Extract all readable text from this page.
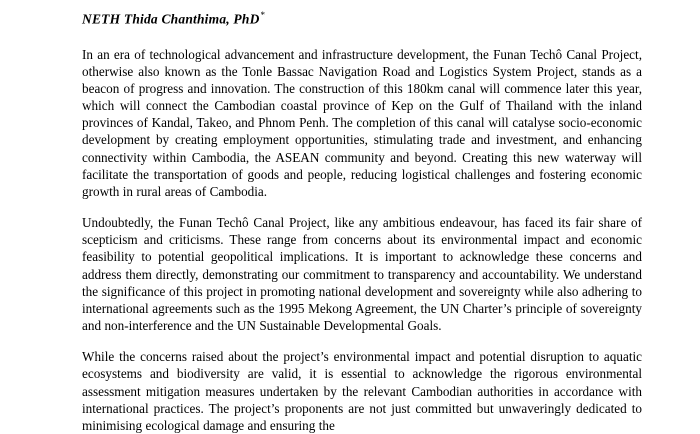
NETH Thida Chanthima, PhD*

In an era of technological advancement and infrastructure development, the Funan Techô Canal Project, otherwise also known as the Tonle Bassac Navigation Road and Logistics System Project, stands as a beacon of progress and innovation. The construction of this 180km canal will commence later this year, which will connect the Cambodian coastal province of Kep on the Gulf of Thailand with the inland provinces of Kandal, Takeo, and Phnom Penh. The completion of this canal will catalyse socio-economic development by creating employment opportunities, stimulating trade and investment, and enhancing connectivity within Cambodia, the ASEAN community and beyond. Creating this new waterway will facilitate the transportation of goods and people, reducing logistical challenges and fostering economic growth in rural areas of Cambodia.

Undoubtedly, the Funan Techô Canal Project, like any ambitious endeavour, has faced its fair share of scepticism and criticisms. These range from concerns about its environmental impact and economic feasibility to potential geopolitical implications. It is important to acknowledge these concerns and address them directly, demonstrating our commitment to transparency and accountability. We understand the significance of this project in promoting national development and sovereignty while also adhering to international agreements such as the 1995 Mekong Agreement, the UN Charter’s principle of sovereignty and non-interference and the UN Sustainable Developmental Goals.

While the concerns raised about the project’s environmental impact and potential disruption to aquatic ecosystems and biodiversity are valid, it is essential to acknowledge the rigorous environmental assessment mitigation measures undertaken by the relevant Cambodian authorities in accordance with international practices. The project’s proponents are not just committed but unwaveringly dedicated to minimising ecological damage and ensuring the
